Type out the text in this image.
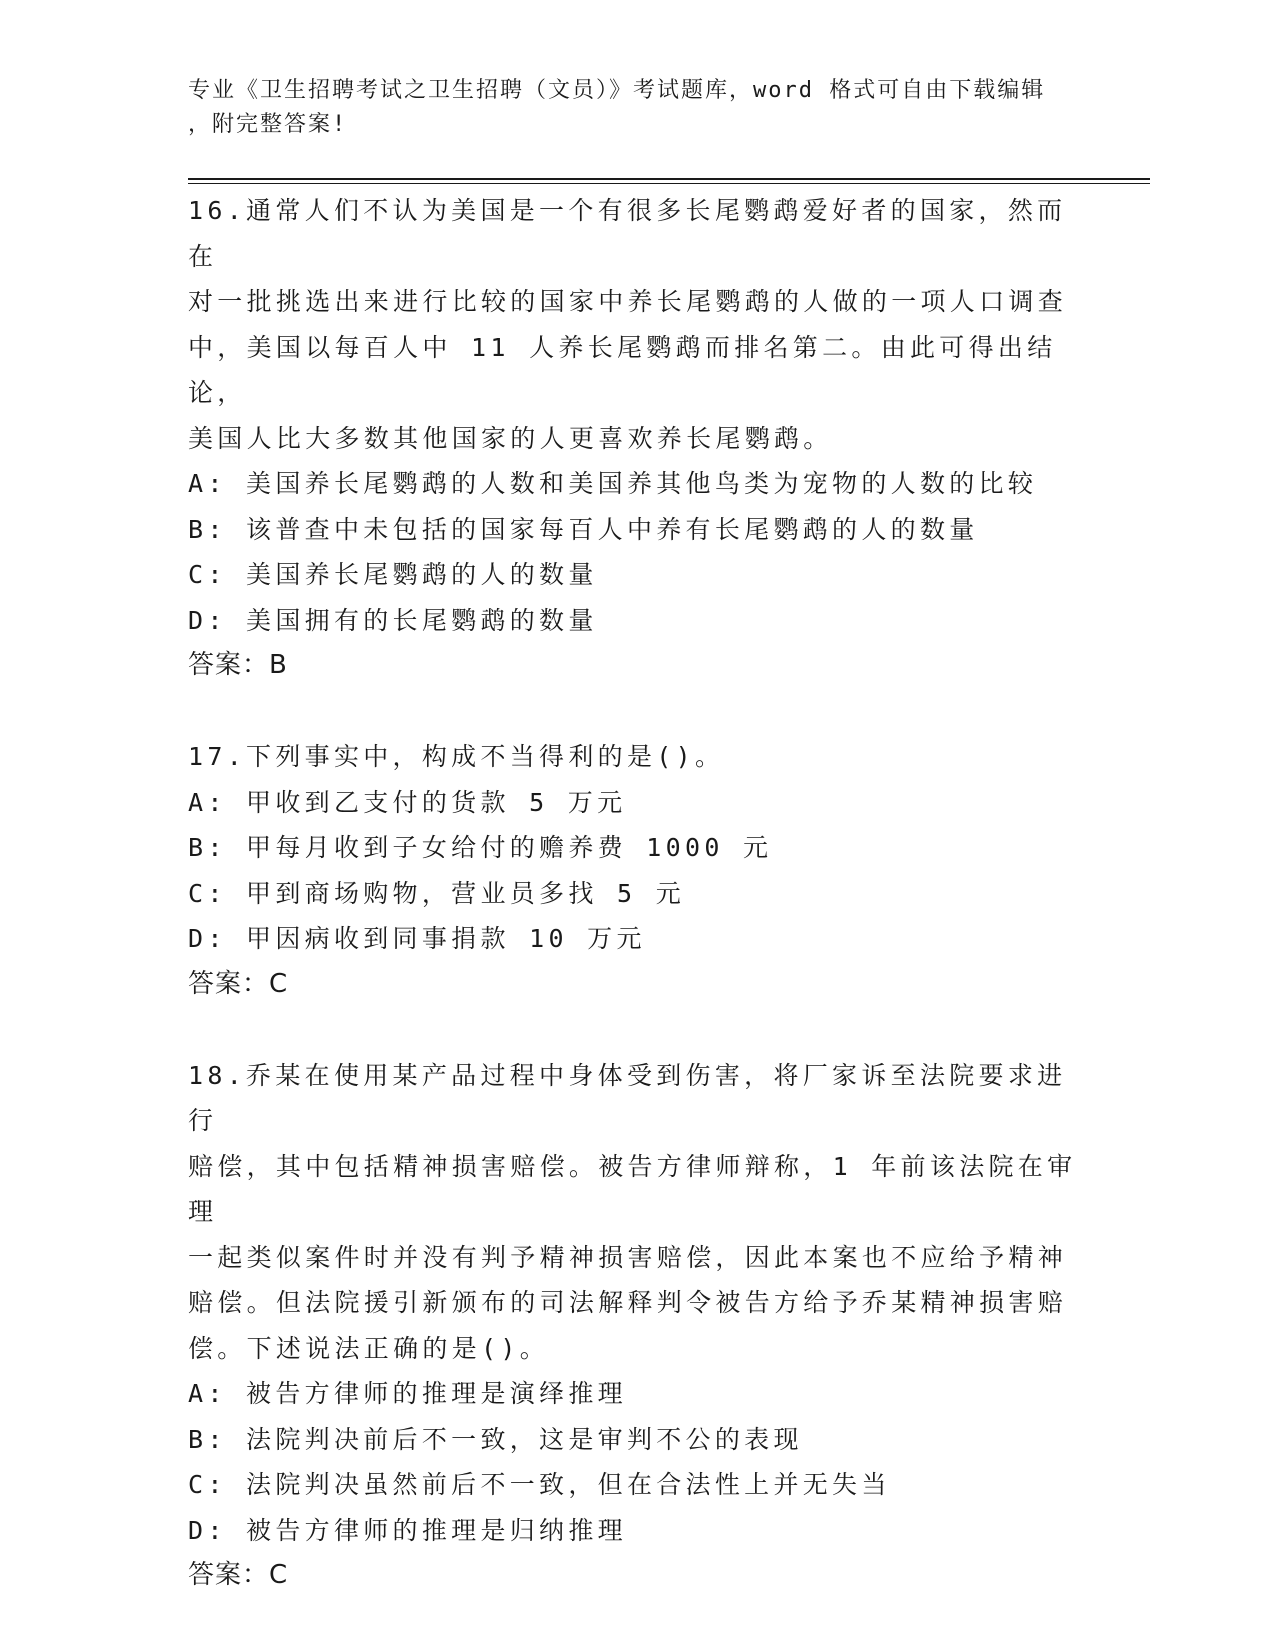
专业《卫生招聘考试之卫生招聘（文员）》考试题库，word 格式可自由下载编辑
，附完整答案!

16.通常人们不认为美国是一个有很多长尾鹦鹉爱好者的国家，然而在

对一批挑选出来进行比较的国家中养长尾鹦鹉的人做的一项人口调查

中，美国以每百人中 11 人养长尾鹦鹉而排名第二。由此可得出结论，

美国人比大多数其他国家的人更喜欢养长尾鹦鹉。

A: 美国养长尾鹦鹉的人数和美国养其他鸟类为宠物的人数的比较

B: 该普查中未包括的国家每百人中养有长尾鹦鹉的人的数量

C: 美国养长尾鹦鹉的人的数量

D: 美国拥有的长尾鹦鹉的数量

答案：B

17.下列事实中，构成不当得利的是()。

A: 甲收到乙支付的货款 5 万元

B: 甲每月收到子女给付的赡养费 1000 元

C: 甲到商场购物，营业员多找 5 元

D: 甲因病收到同事捐款 10 万元

答案：C

18.乔某在使用某产品过程中身体受到伤害，将厂家诉至法院要求进行

赔偿，其中包括精神损害赔偿。被告方律师辩称，1 年前该法院在审理

一起类似案件时并没有判予精神损害赔偿，因此本案也不应给予精神

赔偿。但法院援引新颁布的司法解释判令被告方给予乔某精神损害赔

偿。下述说法正确的是()。

A: 被告方律师的推理是演绎推理

B: 法院判决前后不一致，这是审判不公的表现

C: 法院判决虽然前后不一致，但在合法性上并无失当

D: 被告方律师的推理是归纳推理

答案：C
